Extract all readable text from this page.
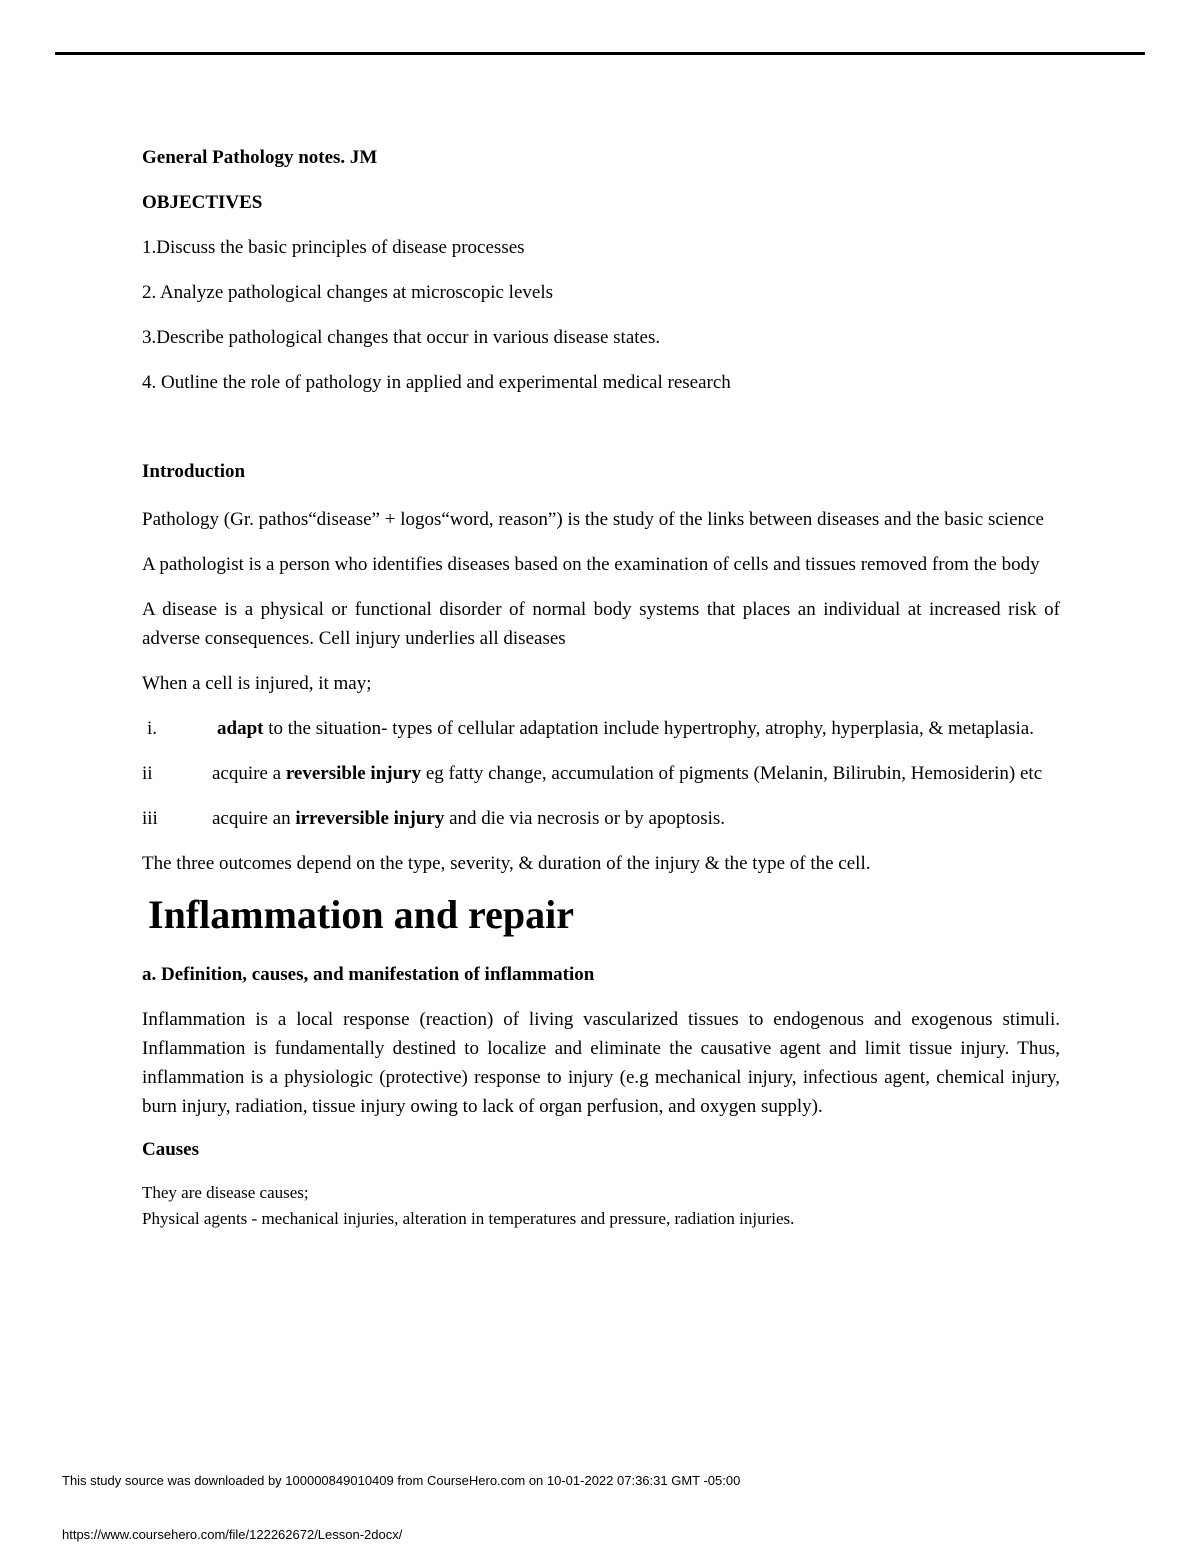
General Pathology notes. JM

OBJECTIVES

1.Discuss the basic principles of disease processes

2. Analyze pathological changes at microscopic levels

3.Describe pathological changes that occur in various disease states.

4. Outline the role of pathology in applied and experimental medical research

Introduction

Pathology (Gr. pathos“disease” + logos“word, reason”) is the study of the links between diseases and the basic science

A pathologist is a person who identifies diseases based on the examination of cells and tissues removed from the body

A disease is a physical or functional disorder of normal body systems that places an individual at increased risk of adverse consequences. Cell injury underlies all diseases

When a cell is injured, it may;

i.	adapt to the situation- types of cellular adaptation include hypertrophy, atrophy, hyperplasia, & metaplasia.
ii	acquire a reversible injury eg fatty change, accumulation of pigments (Melanin, Bilirubin, Hemosiderin) etc
iii	acquire an irreversible injury and die via necrosis or by apoptosis.

The three outcomes depend on the type, severity, & duration of the injury & the type of the cell.

Inflammation and repair

a. Definition, causes, and manifestation of inflammation

Inflammation is a local response (reaction) of living vascularized tissues to endogenous and exogenous stimuli. Inflammation is fundamentally destined to localize and eliminate the causative agent and limit tissue injury. Thus, inflammation is a physiologic (protective) response to injury (e.g mechanical injury, infectious agent, chemical injury, burn injury, radiation, tissue injury owing to lack of organ perfusion, and oxygen supply).

Causes

They are disease causes;
Physical agents - mechanical injuries, alteration in temperatures and pressure, radiation injuries.

This study source was downloaded by 100000849010409 from CourseHero.com on 10-01-2022 07:36:31 GMT -05:00
https://www.coursehero.com/file/122262672/Lesson-2docx/
